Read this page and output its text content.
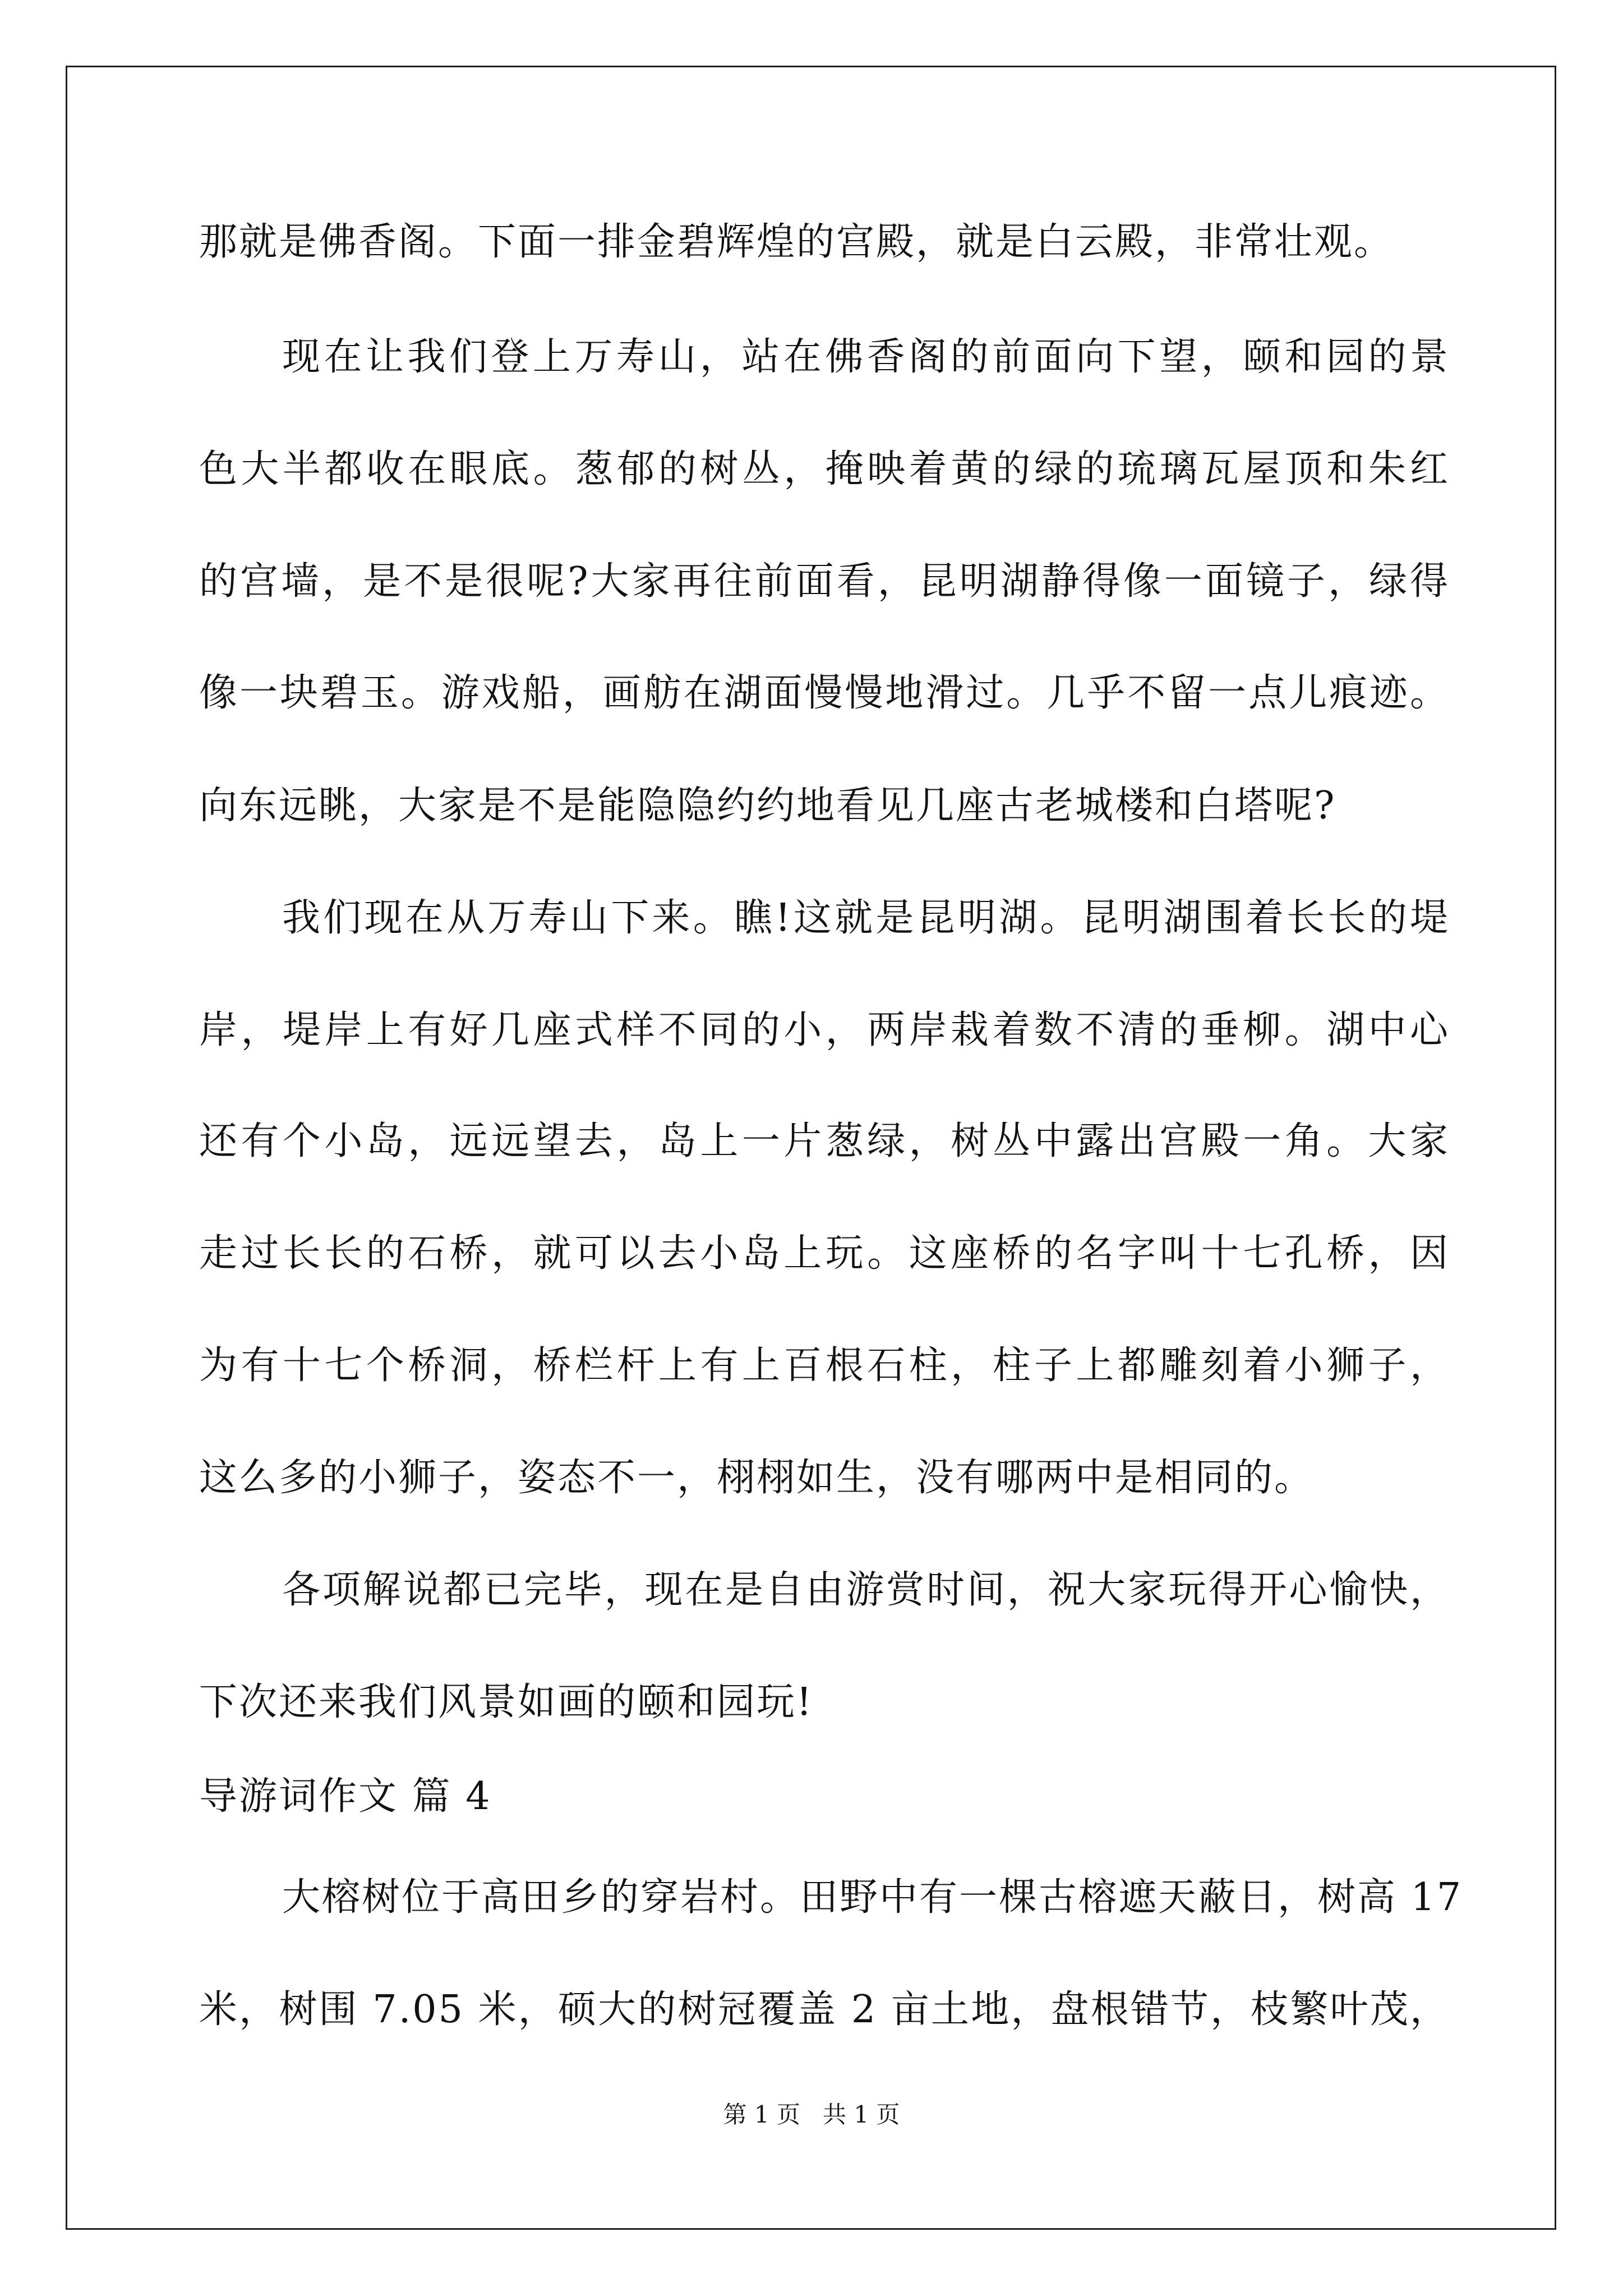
那就是佛香阁。下面一排金碧辉煌的宫殿，就是白云殿，非常壮观。
现在让我们登上万寿山，站在佛香阁的前面向下望，颐和园的景
色大半都收在眼底。葱郁的树丛，掩映着黄的绿的琉璃瓦屋顶和朱红
的宫墙，是不是很呢?大家再往前面看，昆明湖静得像一面镜子，绿得
像一块碧玉。游戏船，画舫在湖面慢慢地滑过。几乎不留一点儿痕迹。
向东远眺，大家是不是能隐隐约约地看见几座古老城楼和白塔呢?
我们现在从万寿山下来。瞧!这就是昆明湖。昆明湖围着长长的堤
岸，堤岸上有好几座式样不同的小，两岸栽着数不清的垂柳。湖中心
还有个小岛，远远望去，岛上一片葱绿，树丛中露出宫殿一角。大家
走过长长的石桥，就可以去小岛上玩。这座桥的名字叫十七孔桥，因
为有十七个桥洞，桥栏杆上有上百根石柱，柱子上都雕刻着小狮子，
这么多的小狮子，姿态不一，栩栩如生，没有哪两中是相同的。
各项解说都已完毕，现在是自由游赏时间，祝大家玩得开心愉快，
下次还来我们风景如画的颐和园玩!
导游词作文 篇 4
大榕树位于高田乡的穿岩村。田野中有一棵古榕遮天蔽日，树高 17
米，树围 7.05 米，硕大的树冠覆盖 2 亩土地，盘根错节，枝繁叶茂，
第 1 页 共 1 页
